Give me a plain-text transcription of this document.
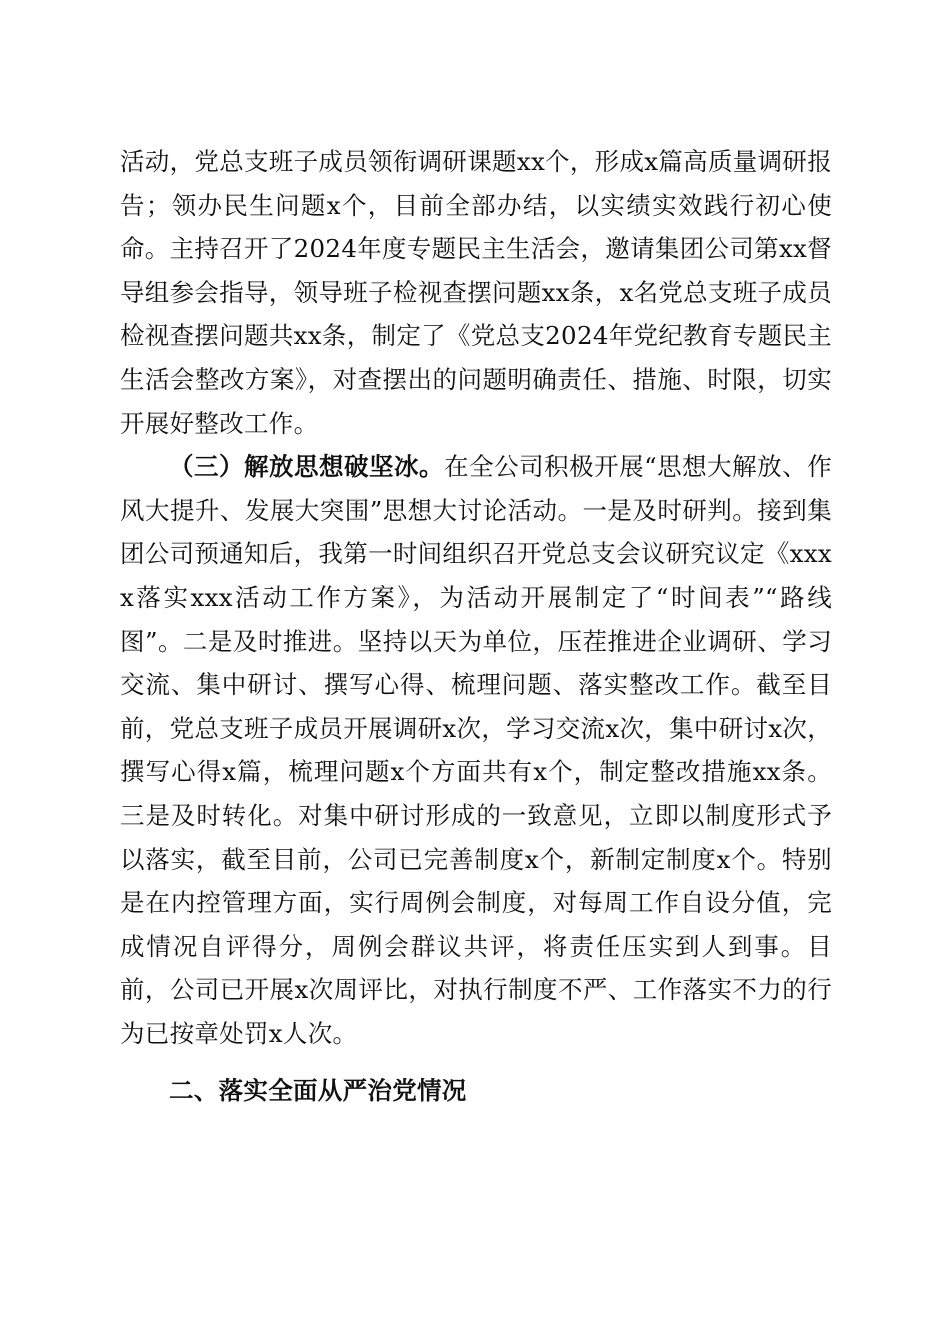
活动，党总支班子成员领衔调研课题xx个，形成x篇高质量调研报告；领办民生问题x个，目前全部办结，以实绩实效践行初心使命。主持召开了2024年度专题民主生活会，邀请集团公司第xx督导组参会指导，领导班子检视查摆问题xx条，x名党总支班子成员检视查摆问题共xx条，制定了《党总支2024年党纪教育专题民主生活会整改方案》，对查摆出的问题明确责任、措施、时限，切实开展好整改工作。

（三）解放思想破坚冰。在全公司积极开展“思想大解放、作风大提升、发展大突围”思想大讨论活动。一是及时研判。接到集团公司预通知后，我第一时间组织召开党总支会议研究议定《xxxx落实xxx活动工作方案》，为活动开展制定了“时间表”“路线图”。二是及时推进。坚持以天为单位，压茬推进企业调研、学习交流、集中研讨、撰写心得、梳理问题、落实整改工作。截至目前，党总支班子成员开展调研x次，学习交流x次，集中研讨x次，撰写心得x篇，梳理问题x个方面共有x个，制定整改措施xx条。三是及时转化。对集中研讨形成的一致意见，立即以制度形式予以落实，截至目前，公司已完善制度x个，新制定制度x个。特别是在内控管理方面，实行周例会制度，对每周工作自设分值，完成情况自评得分，周例会群议共评，将责任压实到人到事。目前，公司已开展x次周评比，对执行制度不严、工作落实不力的行为已按章处罚x人次。

二、落实全面从严治党情况
